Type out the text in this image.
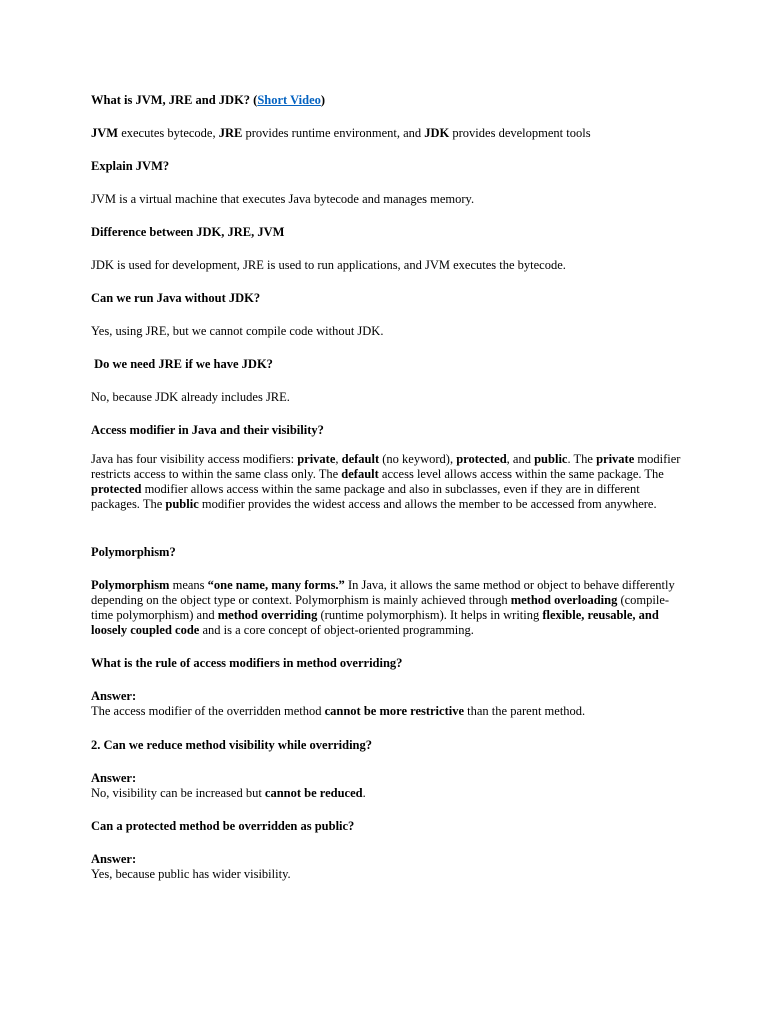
What is JVM, JRE and JDK? (Short Video)

JVM executes bytecode, JRE provides runtime environment, and JDK provides development tools

Explain JVM?

JVM is a virtual machine that executes Java bytecode and manages memory.

Difference between JDK, JRE, JVM

JDK is used for development, JRE is used to run applications, and JVM executes the bytecode.

Can we run Java without JDK?

Yes, using JRE, but we cannot compile code without JDK.

Do we need JRE if we have JDK?

No, because JDK already includes JRE.

Access modifier in Java and their visibility?

Java has four visibility access modifiers: private, default (no keyword), protected, and public. The private modifier restricts access to within the same class only. The default access level allows access within the same package. The protected modifier allows access within the same package and also in subclasses, even if they are in different packages. The public modifier provides the widest access and allows the member to be accessed from anywhere.

Polymorphism?

Polymorphism means “one name, many forms.” In Java, it allows the same method or object to behave differently depending on the object type or context. Polymorphism is mainly achieved through method overloading (compile-time polymorphism) and method overriding (runtime polymorphism). It helps in writing flexible, reusable, and loosely coupled code and is a core concept of object-oriented programming.

What is the rule of access modifiers in method overriding?

Answer:
The access modifier of the overridden method cannot be more restrictive than the parent method.

2. Can we reduce method visibility while overriding?

Answer:
No, visibility can be increased but cannot be reduced.

Can a protected method be overridden as public?

Answer:
Yes, because public has wider visibility.
